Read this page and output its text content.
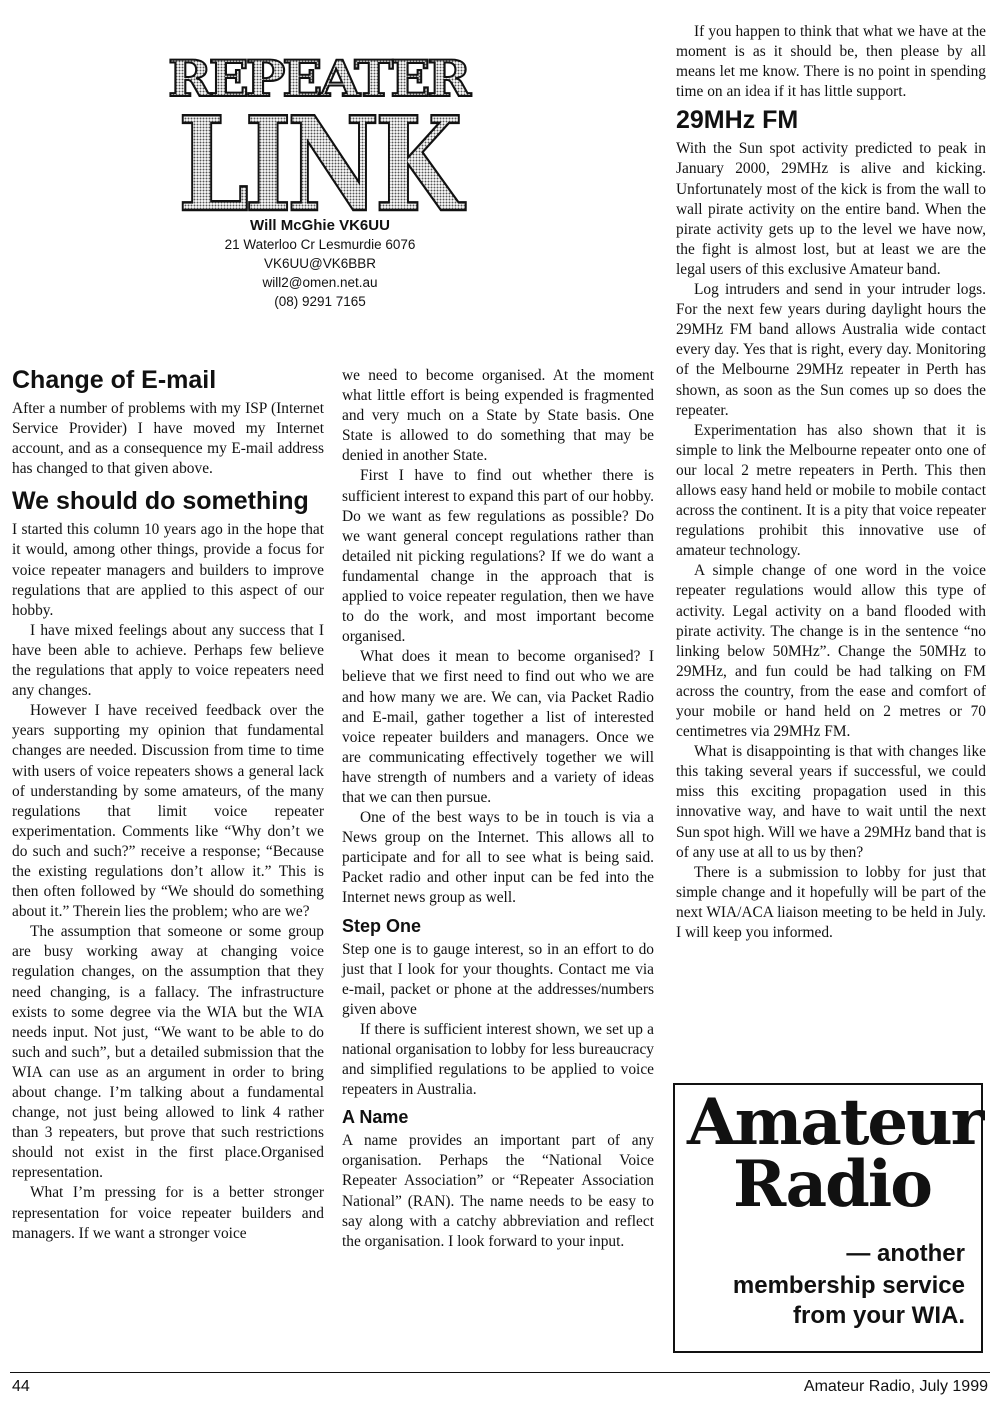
REPEATER
LINK
Will McGhie VK6UU
21 Waterloo Cr Lesmurdie 6076
VK6UU@VK6BBR
will2@omen.net.au
(08) 9291 7165
Change of E-mail

After a number of problems with my ISP (Internet Service Provider) I have moved my Internet account, and as a consequence my E-mail address has changed to that given above.

We should do something

I started this column 10 years ago in the hope that it would, among other things, provide a focus for voice repeater managers and builders to improve regulations that are applied to this aspect of our hobby.

I have mixed feelings about any success that I have been able to achieve. Perhaps few believe the regulations that apply to voice repeaters need any changes.

However I have received feedback over the years supporting my opinion that fundamental changes are needed. Discussion from time to time with users of voice repeaters shows a general lack of understanding by some amateurs, of the many regulations that limit voice repeater experimentation. Comments like “Why don’t we do such and such?” receive a response; “Because the existing regulations don’t allow it.” This is then often followed by “We should do something about it.” Therein lies the problem; who are we?

The assumption that someone or some group are busy working away at changing voice regulation changes, on the assumption that they need changing, is a fallacy. The infrastructure exists to some degree via the WIA but the WIA needs input. Not just, “We want to be able to do such and such”, but a detailed submission that the WIA can use as an argument in order to bring about change. I’m talking about a fundamental change, not just being allowed to link 4 rather than 3 repeaters, but prove that such restrictions should not exist in the first place.Organised representation.

What I’m pressing for is a better stronger representation for voice repeater builders and managers. If we want a stronger voice

we need to become organised. At the moment what little effort is being expended is fragmented and very much on a State by State basis. One State is allowed to do something that may be denied in another State.

First I have to find out whether there is sufficient interest to expand this part of our hobby. Do we want as few regulations as possible? Do we want general concept regulations rather than detailed nit picking regulations? If we do want a fundamental change in the approach that is applied to voice repeater regulation, then we have to do the work, and most important become organised.

What does it mean to become organised? I believe that we first need to find out who we are and how many we are. We can, via Packet Radio and E-mail, gather together a list of interested voice repeater builders and managers. Once we are communicating effectively together we will have strength of numbers and a variety of ideas that we can then pursue.

One of the best ways to be in touch is via a News group on the Internet. This allows all to participate and for all to see what is being said. Packet radio and other input can be fed into the Internet news group as well.

Step One

Step one is to gauge interest, so in an effort to do just that I look for your thoughts. Contact me via e-mail, packet or phone at the addresses/numbers given above

If there is sufficient interest shown, we set up a national organisation to lobby for less bureaucracy and simplified regulations to be applied to voice repeaters in Australia.

A Name

A name provides an important part of any organisation. Perhaps the “National Voice Repeater Association” or “Repeater Association National” (RAN). The name needs to be easy to say along with a catchy abbreviation and reflect the organisation. I look forward to your input.

If you happen to think that what we have at the moment is as it should be, then please by all means let me know. There is no point in spending time on an idea if it has little support.

29MHz FM

With the Sun spot activity predicted to peak in January 2000, 29MHz is alive and kicking. Unfortunately most of the kick is from the wall to wall pirate activity on the entire band. When the pirate activity gets up to the level we have now, the fight is almost lost, but at least we are the legal users of this exclusive Amateur band.

Log intruders and send in your intruder logs. For the next few years during daylight hours the 29MHz FM band allows Australia wide contact every day. Yes that is right, every day. Monitoring of the Melbourne 29MHz repeater in Perth has shown, as soon as the Sun comes up so does the repeater.

Experimentation has also shown that it is simple to link the Melbourne repeater onto one of our local 2 metre repeaters in Perth. This then allows easy hand held or mobile to mobile contact across the continent. It is a pity that voice repeater regulations prohibit this innovative use of amateur technology.

A simple change of one word in the voice repeater regulations would allow this type of activity. Legal activity on a band flooded with pirate activity. The change is in the sentence “no linking below 50MHz”. Change the 50MHz to 29MHz, and fun could be had talking on FM across the country, from the ease and comfort of your mobile or hand held on 2 metres or 70 centimetres via 29MHz FM.

What is disappointing is that with changes like this taking several years if successful, we could miss this exciting propagation used in this innovative way, and have to wait until the next Sun spot high. Will we have a 29MHz band that is of any use at all to us by then?

There is a submission to lobby for just that simple change and it hopefully will be part of the next WIA/ACA liaison meeting to be held in July. I will keep you informed.

Amateur
Radio
— another
membership service
from your WIA.
44	Amateur Radio, July 1999
